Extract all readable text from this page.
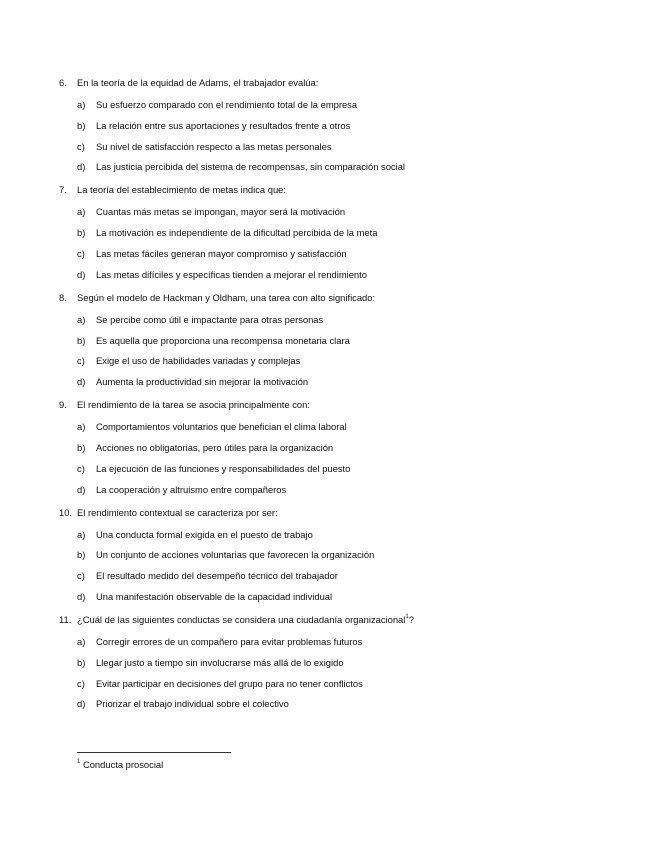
6.	En la teoría de la equidad de Adams, el trabajador evalúa:
a)	Su esfuerzo comparado con el rendimiento total de la empresa
b)	La relación entre sus aportaciones y resultados frente a otros
c)	Su nivel de satisfacción respecto a las metas personales
d)	Las justicia percibida del sistema de recompensas, sin comparación social
7.	La teoría del establecimiento de metas indica que:
a)	Cuantas más metas se impongan, mayor será la motivación
b)	La motivación es independiente de la dificultad percibida de la meta
c)	Las metas fáciles generan mayor compromiso y satisfacción
d)	Las metas difíciles y específicas tienden a mejorar el rendimiento
8.	Según el modelo de Hackman y Oldham, una tarea con alto significado:
a)	Se percibe como útil e impactante para otras personas
b)	Es aquella que proporciona una recompensa monetaria clara
c)	Exige el uso de habilidades variadas y complejas
d)	Aumenta la productividad sin mejorar la motivación
9.	El rendimiento de la tarea se asocia principalmente con:
a)	Comportamientos voluntarios que benefician el clima laboral
b)	Acciones no obligatorias, pero útiles para la organización
c)	La ejecución de las funciones y responsabilidades del puesto
d)	La cooperación y altruismo entre compañeros
10. El rendimiento contextual se caracteriza por ser:
a)	Una conducta formal exigida en el puesto de trabajo
b)	Un conjunto de acciones voluntarias que favorecen la organización
c)	El resultado medido del desempeño técnico del trabajador
d)	Una manifestación observable de la capacidad individual
11. ¿Cuál de las siguientes conductas se considera una ciudadanía organizacional$^1$?
a)	Corregir errores de un compañero para evitar problemas futuros
b)	Llegar justo a tiempo sin involucrarse más allá de lo exigido
c)	Evitar participar en decisiones del grupo para no tener conflictos
d)	Priorizar el trabajo individual sobre el colectivo
$^1$ Conducta prosocial
